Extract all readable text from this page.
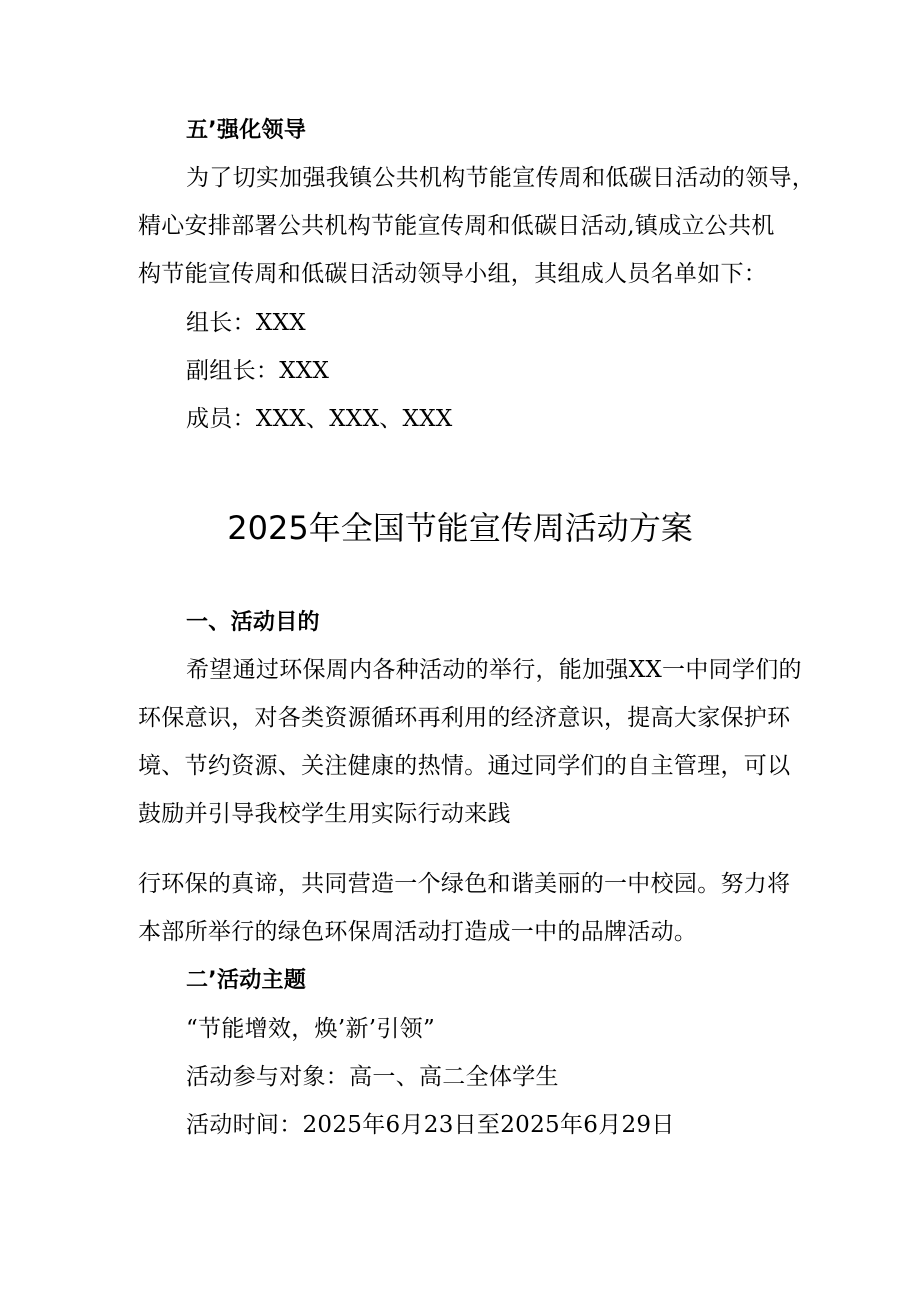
五’强化领导
为了切实加强我镇公共机构节能宣传周和低碳日活动的领导，
精心安排部署公共机构节能宣传周和低碳日活动,镇成立公共机
构节能宣传周和低碳日活动领导小组，其组成人员名单如下：
组长：XXX
副组长：XXX
成员：XXX、XXX、XXX
2025年全国节能宣传周活动方案
一、活动目的
希望通过环保周内各种活动的举行，能加强XX一中同学们的
环保意识，对各类资源循环再利用的经济意识，提高大家保护环
境、节约资源、关注健康的热情。通过同学们的自主管理，可以
鼓励并引导我校学生用实际行动来践
行环保的真谛，共同营造一个绿色和谐美丽的一中校园。努力将
本部所举行的绿色环保周活动打造成一中的品牌活动。
二’活动主题
“节能增效，焕’新’引领”
活动参与对象：高一、高二全体学生
活动时间：2025年6月23日至2025年6月29日
